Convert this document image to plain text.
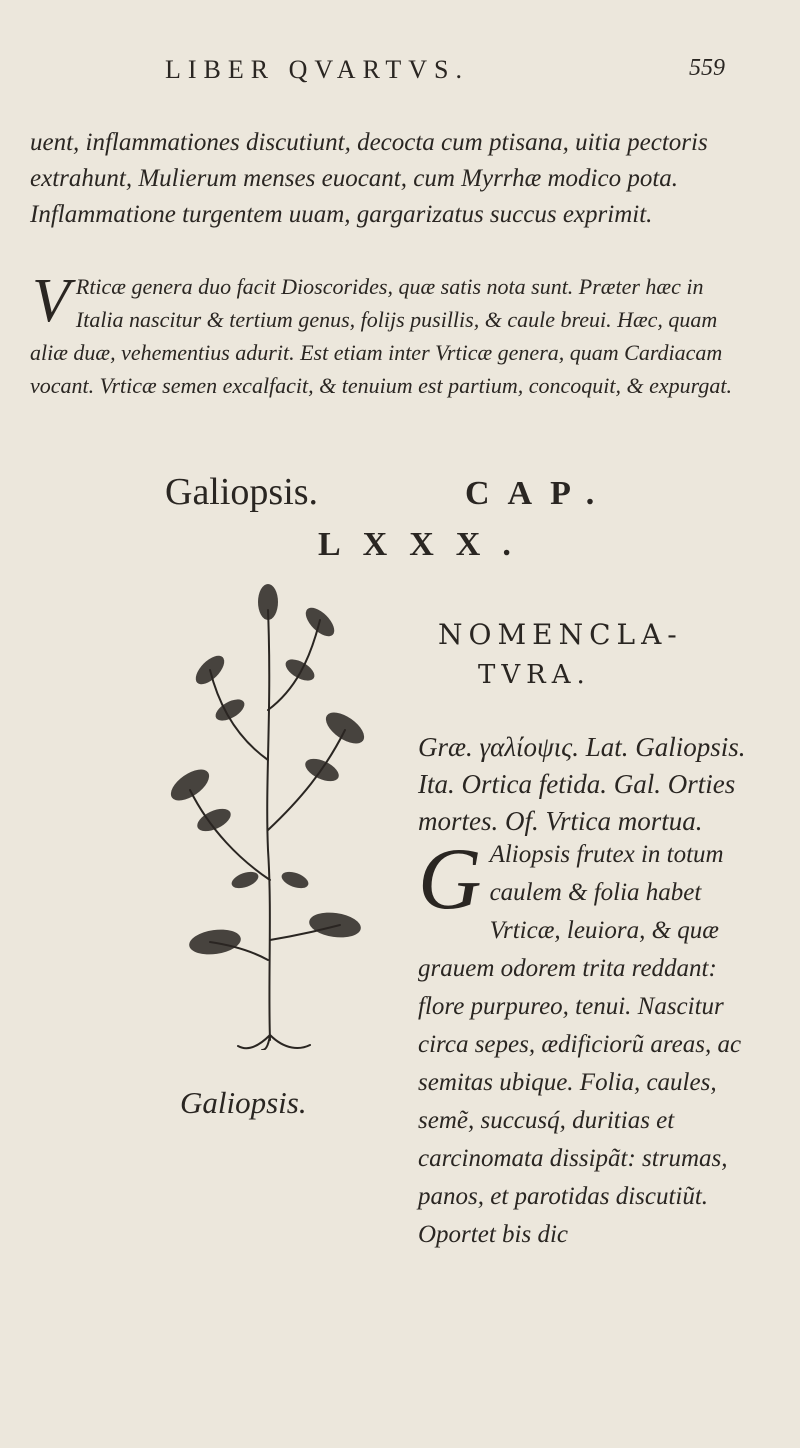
LIBER QVARTVS.	559

uent, inflammationes discutiunt, decocta cum ptisana, uitia pectoris extrahunt, Mulierum menses euocant, cum Myrrhæ modico pota. Inflammatione turgentem uuam, gargarizatus succus exprimit.

V Rticæ genera duo facit Dioscorides, quæ satis nota sunt. Præter hæc in Italia nascitur & tertium genus, folijs pusillis, & caule breui. Hæc, quam aliæ duæ, vehementius adurit. Est etiam inter Vrticæ genera, quam Cardiacam vocant. Vrticæ semen excalfacit, & tenuium est partium, concoquit, & expurgat.
Galiopsis.	CAP.
LXXX.
Galiopsis.
NOMENCLA-
TVRA.

Græ. γαλίοψις. Lat. Galiopsis. Ita. Ortica fetida. Gal. Orties mortes. Of. Vrtica mortua.

G Aliopsis frutex in totum caulem & folia habet Vrticæ, leuiora, & quæ grauem odorem trita reddant: flore purpureo, tenui. Nascitur circa sepes, ædificiorũ areas, ac semitas ubique. Folia, caules, semẽ, succusq́, duritias et carcinomata dissipãt: strumas, panos, et parotidas discutiũt. Oportet bis dic
